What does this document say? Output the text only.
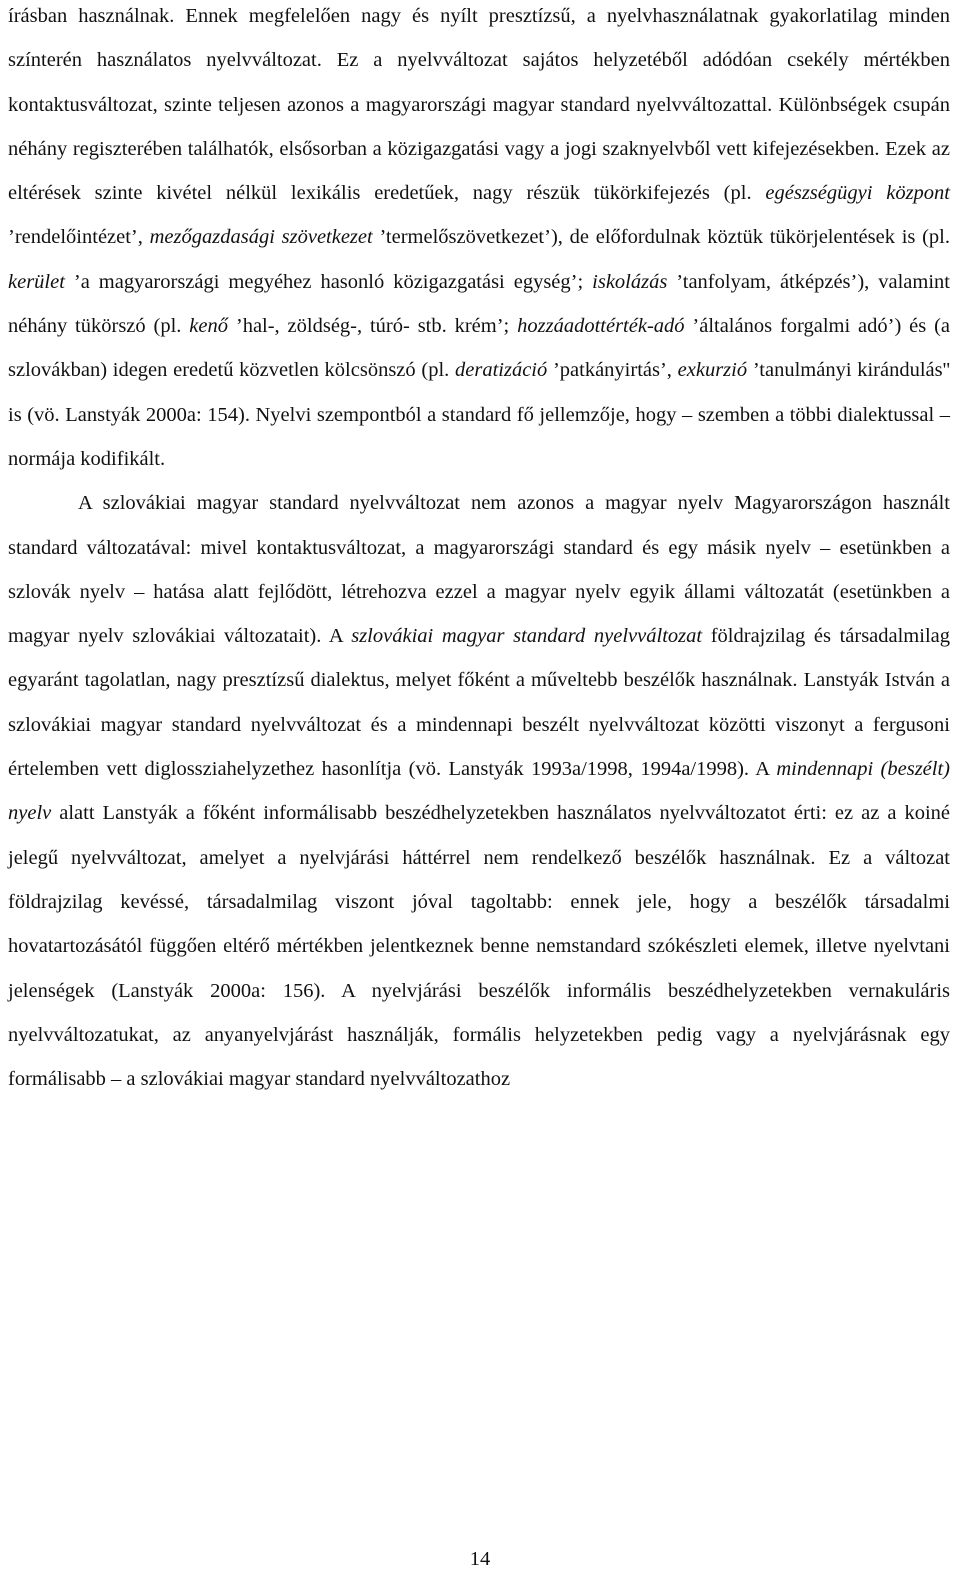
írásban használnak. Ennek megfelelően nagy és nyílt presztízsű, a nyelvhasználatnak gyakorlatilag minden színterén használatos nyelvváltozat. Ez a nyelvváltozat sajátos helyzetéből adódóan csekély mértékben kontaktusváltozat, szinte teljesen azonos a magyarországi magyar standard nyelvváltozattal. Különbségek csupán néhány regiszterében találhatók, elsősorban a közigazgatási vagy a jogi szaknyelvből vett kifejezésekben. Ezek az eltérések szinte kivétel nélkül lexikális eredetűek, nagy részük tükörkifejezés (pl. egészségügyi központ ’rendelőintézet’, mezőgazdasági szövetkezet ’termelőszövetkezet’), de előfordulnak köztük tükörjelentések is (pl. kerület ’a magyarországi megyéhez hasonló közigazgatási egység’; iskolázás ’tanfolyam, átképzés’), valamint néhány tükörszó (pl. kenő ’hal-, zöldség-, túró- stb. krém’; hozzáadottérték-adó ’általános forgalmi adó’) és (a szlovákban) idegen eredetű közvetlen kölcsönszó (pl. deratizáció ’patkányirtás’, exkurzió ’tanulmányi kirándulás'' is (vö. Lanstyák 2000a: 154). Nyelvi szempontból a standard fő jellemzője, hogy – szemben a többi dialektussal – normája kodifikált.

A szlovákiai magyar standard nyelvváltozat nem azonos a magyar nyelv Magyarországon használt standard változatával: mivel kontaktusváltozat, a magyarországi standard és egy másik nyelv – esetünkben a szlovák nyelv – hatása alatt fejlődött, létrehozva ezzel a magyar nyelv egyik állami változatát (esetünkben a magyar nyelv szlovákiai változatait). A szlovákiai magyar standard nyelvváltozat földrajzilag és társadalmilag egyaránt tagolatlan, nagy presztízsű dialektus, melyet főként a műveltebb beszélők használnak. Lanstyák István a szlovákiai magyar standard nyelvváltozat és a mindennapi beszélt nyelvváltozat közötti viszonyt a fergusoni értelemben vett diglossziahelyzethez hasonlítja (vö. Lanstyák 1993a/1998, 1994a/1998). A mindennapi (beszélt) nyelv alatt Lanstyák a főként informálisabb beszédhelyzetekben használatos nyelvváltozatot érti: ez az a koiné jelegű nyelvváltozat, amelyet a nyelvjárási háttérrel nem rendelkező beszélők használnak. Ez a változat földrajzilag kevéssé, társadalmilag viszont jóval tagoltabb: ennek jele, hogy a beszélők társadalmi hovatartozásától függően eltérő mértékben jelentkeznek benne nemstandard szókészleti elemek, illetve nyelvtani jelenségek (Lanstyák 2000a: 156). A nyelvjárási beszélők informális beszédhelyzetekben vernakuláris nyelvváltozatukat, az anyanyelvjárást használják, formális helyzetekben pedig vagy a nyelvjárásnak egy formálisabb – a szlovákiai magyar standard nyelvváltozathoz

14
